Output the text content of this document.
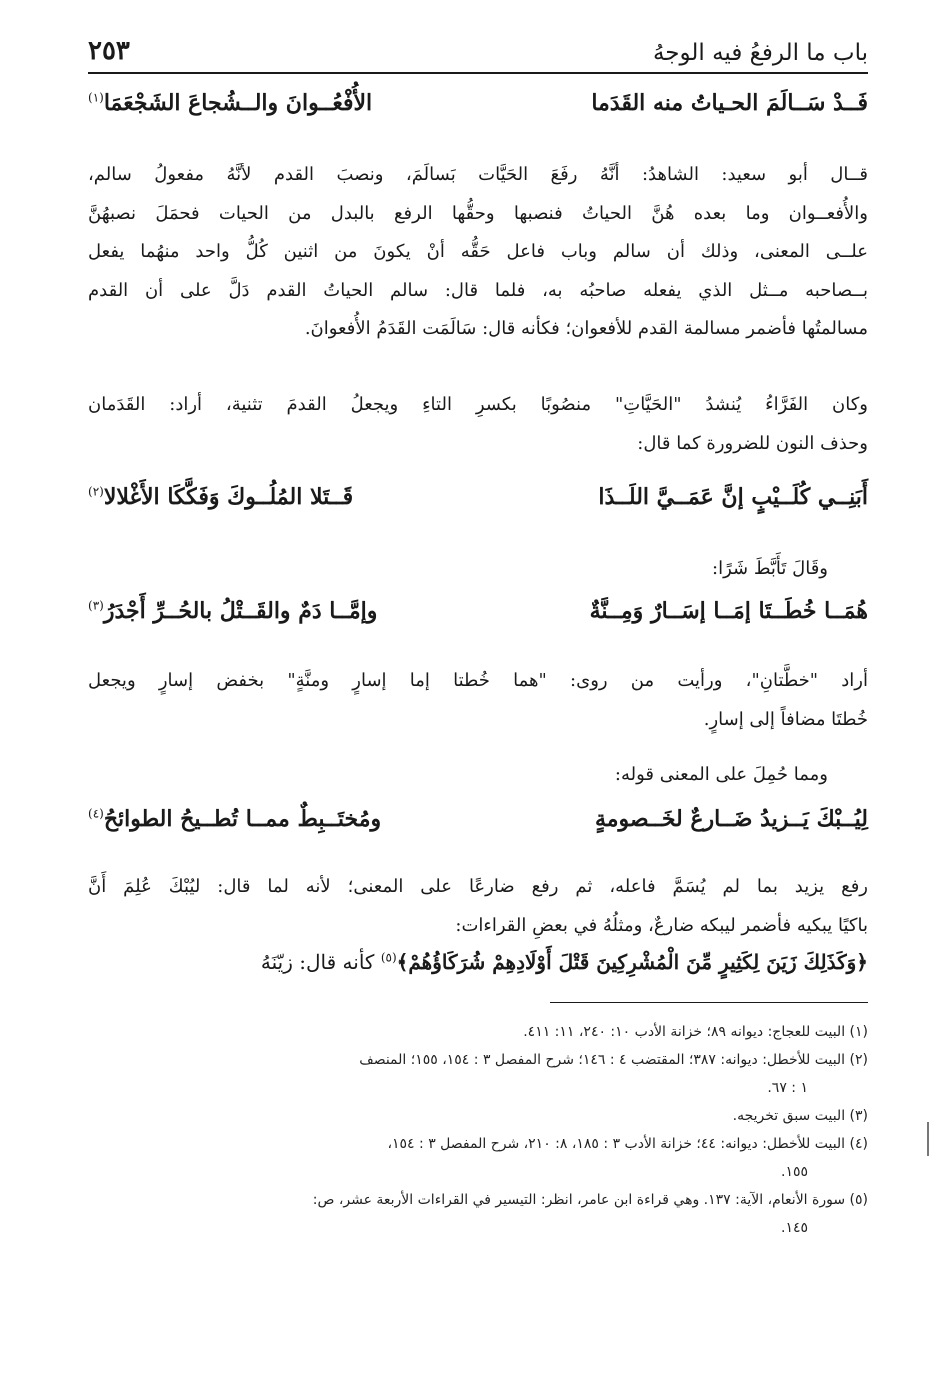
باب ما الرفعُ فيه الوجهُ
٢٥٣
فَــدْ سَــالَمَ الحـياتُ منه القَدَما
الأُفْعُــوانَ والــشُجاعَ الشَجْعَمَا$^{(١)}$
قــال أبو سعيد: الشاهدُ: أنَّهُ رفَعَ الحَيَّات بَسالَمَ، ونصبَ القدم لأنَّهُ مفعولُ سالم،
والأُفعــوان وما بعده هُنَّ الحياتُ فنصبها وحقُّها الرفع بالبدل من الحيات فحمَلَ نصبهُنَّ
علــى المعنى، وذلك أن سالم وباب فاعل حَقُّه أنْ يكونَ من اثنين كُلُّ واحد منهُما يفعل
بــصاحبه مــثل الذي يفعله صاحبُه به، فلما قال: سالم الحياتُ القدم دَلَّ على أن القدم
مسالمتُها فأضمر مسالمة القدم للأفعوان؛ فكأنه قال: سَالَمَت القَدَمُ الأُفعوانَ.
وكان الفَرَّاءُ يُنشدُ "الحَيَّاتِ" منصُوبًا بكسرِ التاءِ ويجعلُ القدمَ تثنية، أراد: القَدَمان
وحذف النون للضرورة كما قال:
أَبَنِــي كُلَــيْبٍ إنَّ عَمَــيَّ اللَــذَا
قَــتَلا المُلُــوكَ وَفَكَّكَا الأَغْلالا$^{(٢)}$
وقَالَ تَأَبَّطَ شَرًا:
هُمَــا خُطَــتَا إمَــا إسَــارٌ وَمِــنَّةٌ
وإمَّــا دَمٌ والقَــتْلُ بالحُــرِّ أَجْدَرُ$^{(٣)}$
أراد "خطَّتانِ"، ورأيت من روى: "هما خُطتا إما إسارٍ ومنَّةٍ" بخفض إسارٍ ويجعل
خُطتَا مضافاً إلى إسارٍ.
ومما حُمِلَ على المعنى قوله:
لِيُــبْكَ يَــزيدُ ضَــارعٌ لخَــصومةٍ
ومُختَــبِطٌ ممــا تُطــيحُ الطوائحُ$^{(٤)}$
رفع يزيد بما لم يُسَمَّ فاعله، ثم رفع ضارعًا على المعنى؛ لأنه لما قال: ليُبْكَ عُلِمَ أَنَّ
باكيًا يبكيه فأضمر ليبكه ضارعٌ، ومثلُهُ في بعضِ القراءات:
﴿وَكَذَلِكَ زَيَنَ لِكَثِيرٍ مِّنَ الْمُشْرِكِينَ قَتْلَ أَوْلَادِهِمْ شُرَكَاؤُهُمْ﴾$^{(٥)}$ كأنه قال: زيّنَهُ
(١) البيت للعجاج: ديوانه ٨٩؛ خزانة الأدب ١٠: ٢٤٠، ١١: ٤١١.
(٢) البيت للأخطل: ديوانه: ٣٨٧؛ المقتضب ٤ : ١٤٦؛ شرح المفصل ٣ : ١٥٤، ١٥٥؛ المنصف
١ : ٦٧.
(٣) البيت سبق تخريجه.
(٤) البيت للأخطل: ديوانه: ٤٤؛ خزانة الأدب ٣ : ١٨٥، ٨: ٢١٠، شرح المفصل ٣ : ١٥٤،
١٥٥.
(٥) سورة الأنعام، الآية: ١٣٧. وهي قراءة ابن عامر، انظر: التيسير في القراءات الأربعة عشر، ص:
١٤٥.
